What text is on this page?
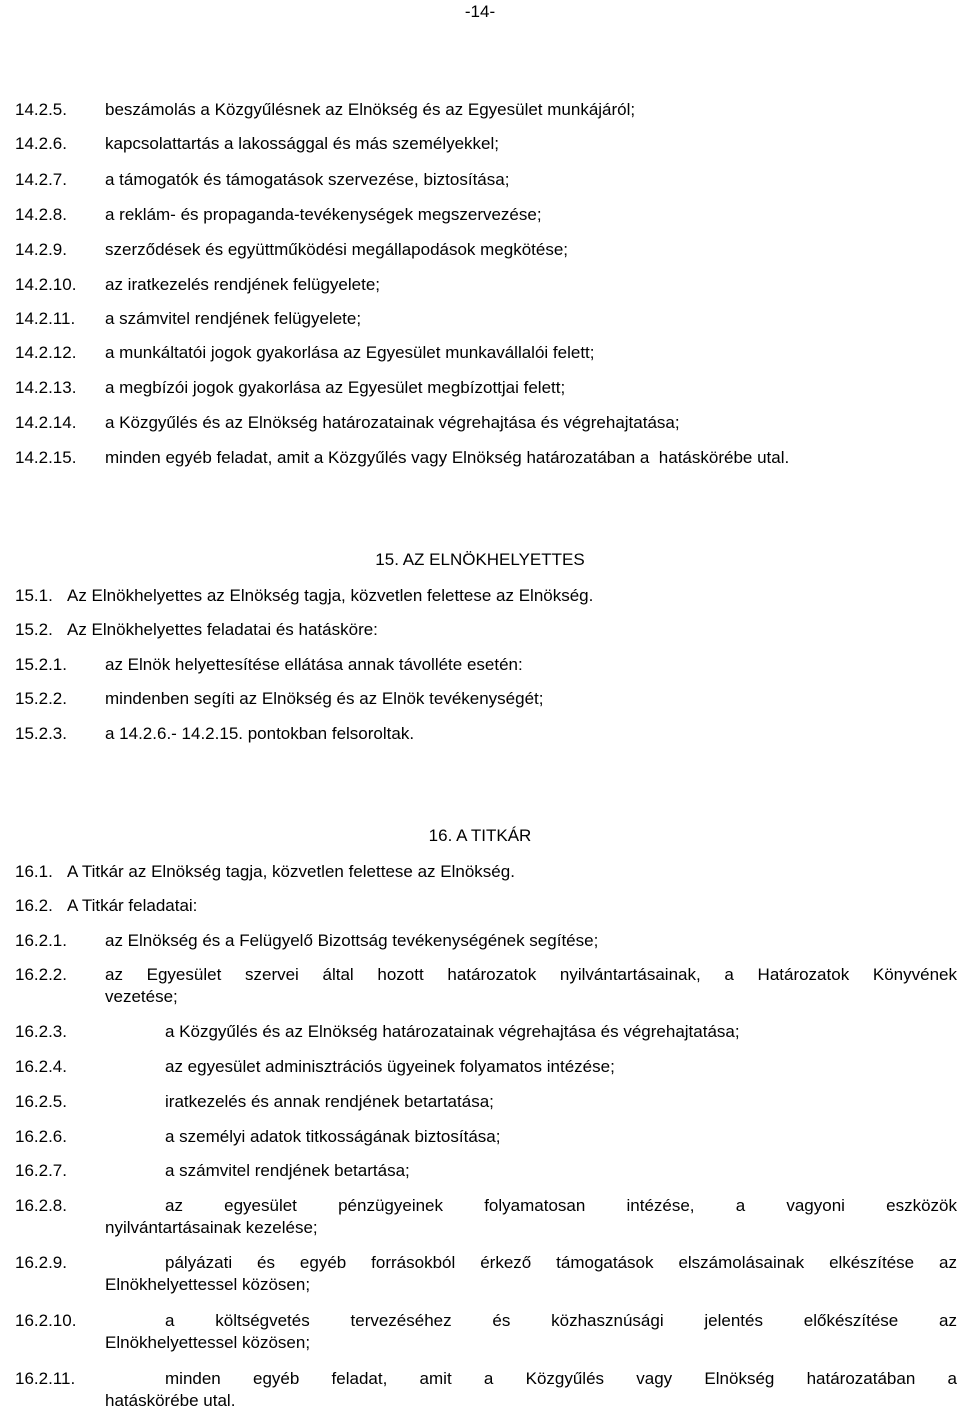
-14-
14.2.5. beszámolás a Közgyűlésnek az Elnökség és az Egyesület munkájáról;
14.2.6. kapcsolattartás a lakossággal és más személyekkel;
14.2.7. a támogatók és támogatások szervezése, biztosítása;
14.2.8. a reklám- és propaganda-tevékenységek megszervezése;
14.2.9. szerződések és együttműködési megállapodások megkötése;
14.2.10. az iratkezelés rendjének felügyelete;
14.2.11. a számvitel rendjének felügyelete;
14.2.12. a munkáltatói jogok gyakorlása az Egyesület munkavállalói felett;
14.2.13. a megbízói jogok gyakorlása az Egyesület megbízottjai felett;
14.2.14. a Közgyűlés és az Elnökség határozatainak végrehajtása és végrehajtatása;
14.2.15. minden egyéb feladat, amit a Közgyűlés vagy Elnökség határozatában a  hatáskörébe utal.
15. AZ ELNÖKHELYETTES
15.1. Az Elnökhelyettes az Elnökség tagja, közvetlen felettese az Elnökség.
15.2. Az Elnökhelyettes feladatai és hatásköre:
15.2.1. az Elnök helyettesítése ellátása annak távolléte esetén:
15.2.2. mindenben segíti az Elnökség és az Elnök tevékenységét;
15.2.3. a 14.2.6.- 14.2.15. pontokban felsoroltak.
16. A TITKÁR
16.1. A Titkár az Elnökség tagja, közvetlen felettese az Elnökség.
16.2. A Titkár feladatai:
16.2.1. az Elnökség és a Felügyelő Bizottság tevékenységének segítése;
16.2.2. az Egyesület szervei által hozott határozatok nyilvántartásainak, a Határozatok Könyvének
vezetése;
16.2.3.	a Közgyűlés és az Elnökség határozatainak végrehajtása és végrehajtatása;
16.2.4.	az egyesület adminisztrációs ügyeinek folyamatos intézése;
16.2.5.	iratkezelés és annak rendjének betartatása;
16.2.6.	a személyi adatok titkosságának biztosítása;
16.2.7.	a számvitel rendjének betartása;
16.2.8.	az egyesület pénzügyeinek folyamatosan intézése, a vagyoni eszközök
nyilvántartásainak kezelése;
16.2.9.	pályázati és egyéb forrásokból érkező támogatások elszámolásainak elkészítése az
Elnökhelyettessel közösen;
16.2.10.	a költségvetés tervezéséhez és közhasznúsági jelentés előkészítése az
Elnökhelyettessel közösen;
16.2.11.	minden egyéb feladat, amit a Közgyűlés vagy Elnökség határozatában a
hatáskörébe utal.
